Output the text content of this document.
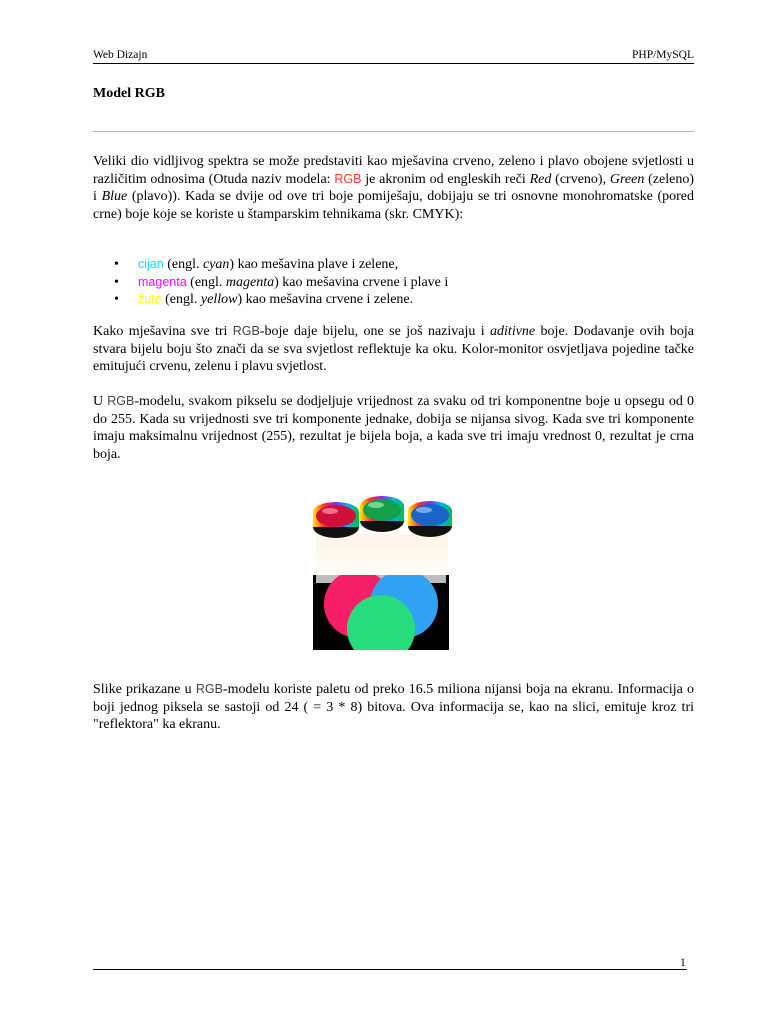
Web Dizajn	PHP/MySQL
Model RGB

Veliki dio vidljivog spektra se može predstaviti kao mješavina crveno, zeleno i plavo obojene svjetlosti u različitim odnosima (Otuda naziv modela: RGB je akronim od engleskih reči Red (crveno), Green (zeleno) i Blue (plavo)). Kada se dvije od ove tri boje pomiješaju, dobijaju se tri osnovne monohromatske (pored crne) boje koje se koriste u štamparskim tehnikama (skr. CMYK):

• cijan (engl. cyan) kao mešavina plave i zelene,
• magenta (engl. magenta) kao mešavina crvene i plave i
• žute (engl. yellow) kao mešavina crvene i zelene.

Kako mješavina sve tri RGB-boje daje bijelu, one se još nazivaju i aditivne boje. Dodavanje ovih boja stvara bijelu boju što znači da se sva svjetlost reflektuje ka oku. Kolor-monitor osvjetljava pojedine tačke emitujući crvenu, zelenu i plavu svjetlost.

U RGB-modelu, svakom pikselu se dodjeljuje vrijednost za svaku od tri komponentne boje u opsegu od 0 do 255. Kada su vrijednosti sve tri komponente jednake, dobija se nijansa sivog. Kada sve tri komponente imaju maksimalnu vrijednost (255), rezultat je bijela boja, a kada sve tri imaju vrednost 0, rezultat je crna boja.

Slike prikazane u RGB-modelu koriste paletu od preko 16.5 miliona nijansi boja na ekranu. Informacija o boji jednog piksela se sastoji od 24 ( = 3 * 8) bitova. Ova informacija se, kao na slici, emituje kroz tri "reflektora" ka ekranu.

1
